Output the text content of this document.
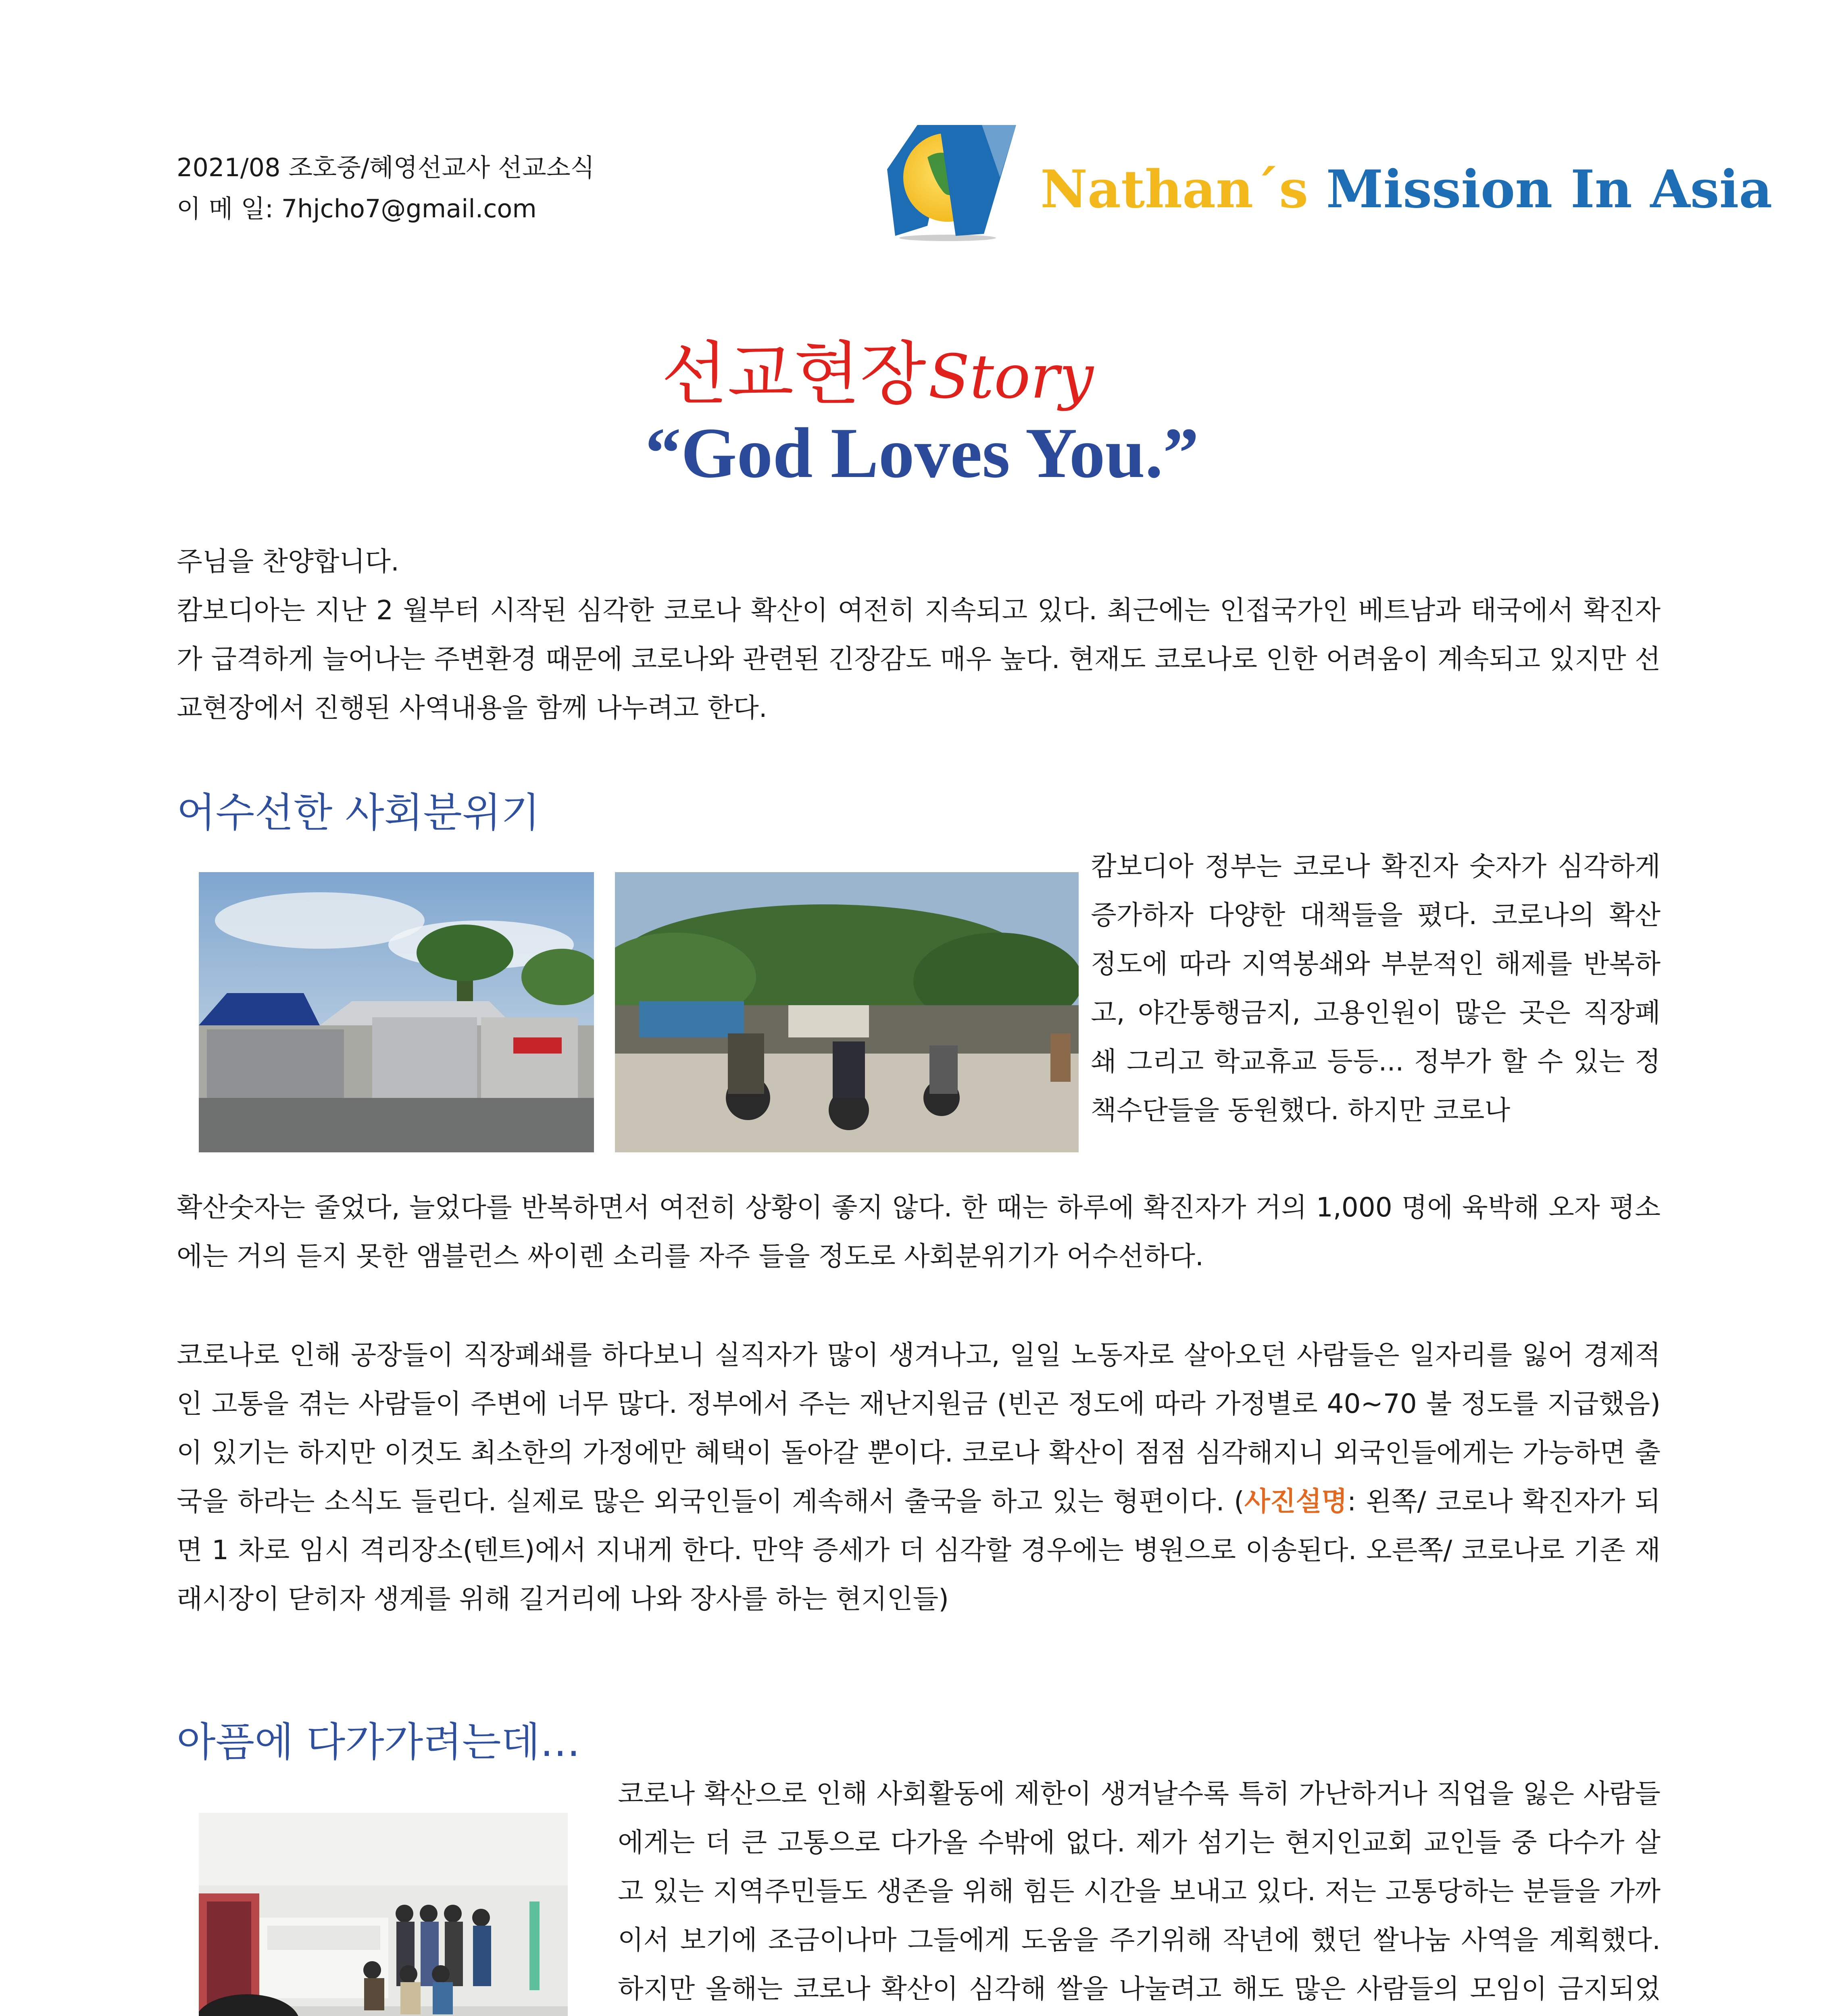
2021/08 조호중/혜영선교사 선교소식
이 메 일: 7hjcho7@gmail.com	Nathan´s Mission In Asia
선교현장 Story
“God Loves You.”

주님을 찬양합니다.

캄보디아는 지난 2 월부터 시작된 심각한 코로나 확산이 여전히 지속되고 있다. 최근에는 인접국가인 베트남과 태국에서 확진자가 급격하게 늘어나는 주변환경 때문에 코로나와 관련된 긴장감도 매우 높다. 현재도 코로나로 인한 어려움이 계속되고 있지만 선교현장에서 진행된 사역내용을 함께 나누려고 한다.

어수선한 사회분위기

캄보디아 정부는 코로나 확진자 숫자가 심각하게 증가하자 다양한 대책들을 폈다. 코로나의 확산 정도에 따라 지역봉쇄와 부분적인 해제를 반복하고, 야간통행금지, 고용인원이 많은 곳은 직장폐쇄 그리고 학교휴교 등등... 정부가 할 수 있는 정책수단들을 동원했다. 하지만 코로나

확산숫자는 줄었다, 늘었다를 반복하면서 여전히 상황이 좋지 않다. 한 때는 하루에 확진자가 거의 1,000 명에 육박해 오자 평소에는 거의 듣지 못한 앰블런스 싸이렌 소리를 자주 들을 정도로 사회분위기가 어수선하다.

코로나로 인해 공장들이 직장폐쇄를 하다보니 실직자가 많이 생겨나고, 일일 노동자로 살아오던 사람들은 일자리를 잃어 경제적인 고통을 겪는 사람들이 주변에 너무 많다. 정부에서 주는 재난지원금 (빈곤 정도에 따라 가정별로 40~70 불 정도를 지급했음)이 있기는 하지만 이것도 최소한의 가정에만 혜택이 돌아갈 뿐이다. 코로나 확산이 점점 심각해지니 외국인들에게는 가능하면 출국을 하라는 소식도 들린다. 실제로 많은 외국인들이 계속해서 출국을 하고 있는 형편이다. (사진설명: 왼쪽/ 코로나 확진자가 되면 1 차로 임시 격리장소(텐트)에서 지내게 한다. 만약 증세가 더 심각할 경우에는 병원으로 이송된다. 오른쪽/ 코로나로 기존 재래시장이 닫히자 생계를 위해 길거리에 나와 장사를 하는 현지인들)

아픔에 다가가려는데…

코로나 확산으로 인해 사회활동에 제한이 생겨날수록 특히 가난하거나 직업을 잃은 사람들에게는 더 큰 고통으로 다가올 수밖에 없다. 제가 섬기는 현지인교회 교인들 중 다수가 살고 있는 지역주민들도 생존을 위해 힘든 시간을 보내고 있다. 저는 고통당하는 분들을 가까이서 보기에 조금이나마 그들에게 도움을 주기위해 작년에 했던 쌀나눔 사역을 계획했다. 하지만 올해는 코로나 확산이 심각해 쌀을 나눌려고 해도 많은 사람들의 모임이 금지되었
